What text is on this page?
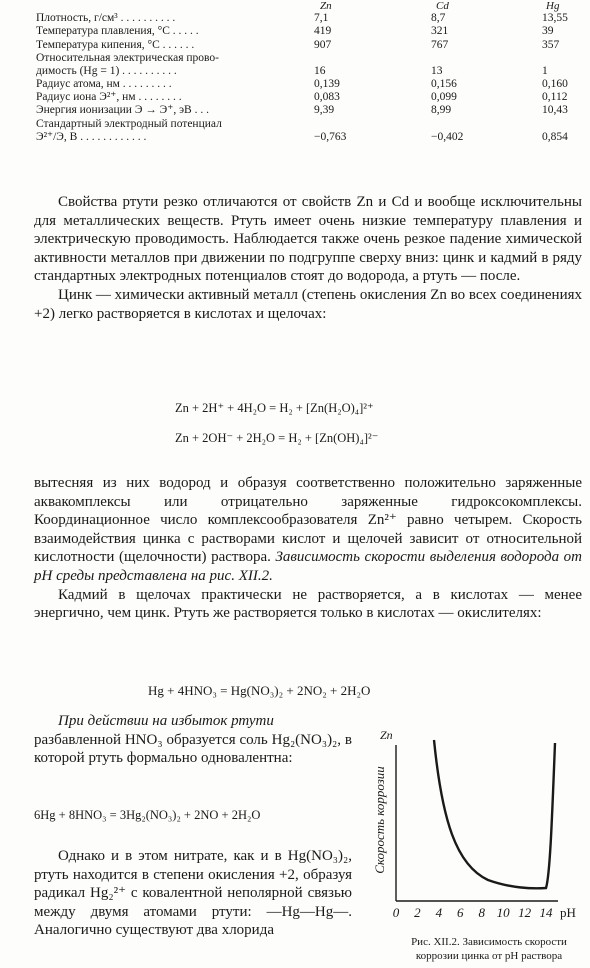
Zn	Cd	Hg
Плотность, г/см³ . . . . . . . . . .	7,1	8,7	13,55
Температура плавления, °С . . . . .	419	321	39
Температура кипения, °С . . . . . .	907	767	357
Относительная электрическая прово-
димость (Hg = 1) . . . . . . . . . .	16	13	1
Радиус атома, нм . . . . . . . . .	0,139	0,156	0,160
Радиус иона Э²⁺, нм . . . . . . . .	0,083	0,099	0,112
Энергия ионизации Э → Э⁺, эВ . . .	9,39	8,99	10,43
Стандартный электродный потенциал
Э²⁺/Э, В . . . . . . . . . . . .	−0,763	−0,402	0,854

Свойства ртути резко отличаются от свойств Zn и Cd и вообще исключительны для металлических веществ. Ртуть имеет очень низкие температуру плавления и электрическую проводимость. Наблюдается также очень резкое падение химической активности металлов при движении по подгруппе сверху вниз: цинк и кадмий в ряду стандартных электродных потенциалов стоят до водорода, а ртуть — после.

Цинк — химически активный металл (степень окисления Zn во всех соединениях +2) легко растворяется в кислотах и щелочах:

Zn + 2H⁺ + 4H₂O = H₂ + [Zn(H₂O)₄]²⁺
Zn + 2OH⁻ + 2H₂O = H₂ + [Zn(OH)₄]²⁻

вытесняя из них водород и образуя соответственно положительно заряженные аквакомплексы или отрицательно заряженные гидроксокомплексы. Координационное число комплексообразователя Zn²⁺ равно четырем. Скорость взаимодействия цинка с растворами кислот и щелочей зависит от относительной кислотности (щелочности) раствора. Зависимость скорости выделения водорода от pH среды представлена на рис. XII.2.

Кадмий в щелочах практически не растворяется, а в кислотах — менее энергично, чем цинк. Ртуть же растворяется только в кислотах — окислителях:

Hg + 4HNO₃ = Hg(NO₃)₂ + 2NO₂ + 2H₂O

При действии на избыток ртути

разбавленной HNO₃ образуется соль Hg₂(NO₃)₂, в которой ртуть формально одновалентна:

6Hg + 8HNO₃ = 3Hg₂(NO₃)₂ + 2NO + 2H₂O

Однако и в этом нитрате, как и в Hg(NO₃)₂, ртуть находится в степени окисления +2, образуя радикал Hg₂²⁺ с ковалентной неполярной связью между двумя атомами ртути: —Hg—Hg—. Аналогично существуют два хлорида

Zn
Скорость коррозии
0 2 4 6 8 10 12 14 pH
Рис. XII.2. Зависимость скорости коррозии цинка от pH раствора
